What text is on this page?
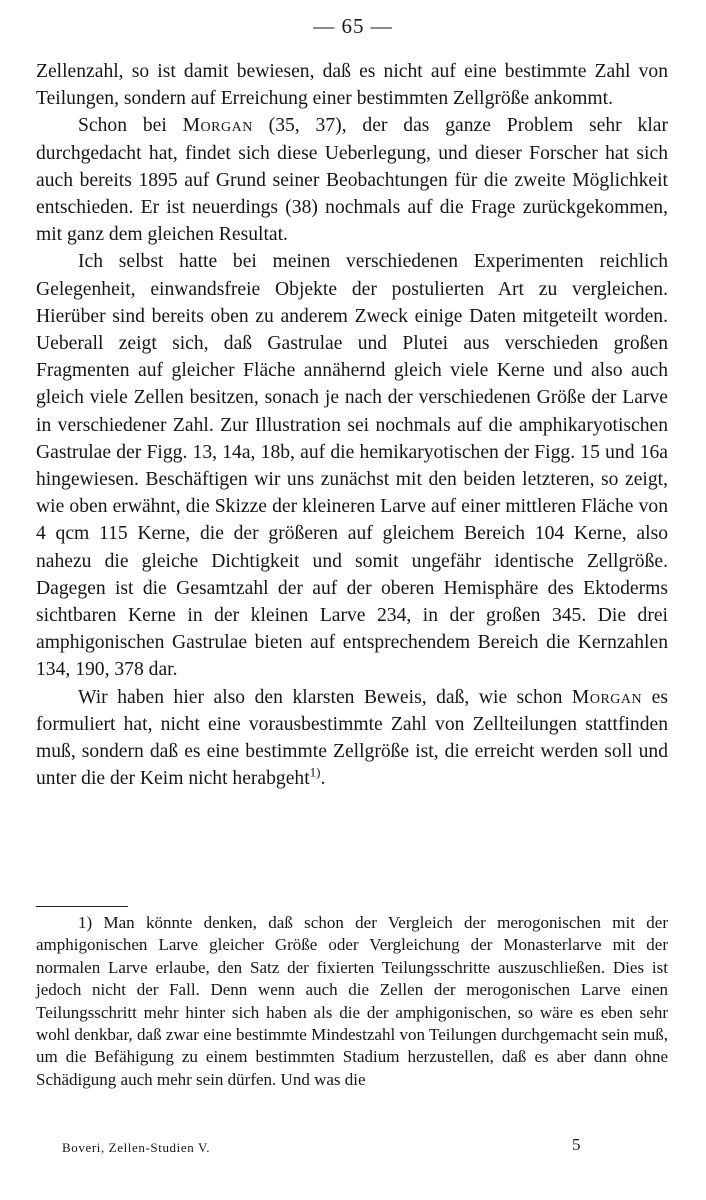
— 65 —

Zellenzahl, so ist damit bewiesen, daß es nicht auf eine bestimmte Zahl von Teilungen, sondern auf Erreichung einer bestimmten Zellgröße ankommt.

Schon bei Morgan (35, 37), der das ganze Problem sehr klar durchgedacht hat, findet sich diese Ueberlegung, und dieser Forscher hat sich auch bereits 1895 auf Grund seiner Beobachtungen für die zweite Möglichkeit entschieden. Er ist neuerdings (38) nochmals auf die Frage zurückgekommen, mit ganz dem gleichen Resultat.

Ich selbst hatte bei meinen verschiedenen Experimenten reichlich Gelegenheit, einwandsfreie Objekte der postulierten Art zu vergleichen. Hierüber sind bereits oben zu anderem Zweck einige Daten mitgeteilt worden. Ueberall zeigt sich, daß Gastrulae und Plutei aus verschieden großen Fragmenten auf gleicher Fläche annähernd gleich viele Kerne und also auch gleich viele Zellen besitzen, sonach je nach der verschiedenen Größe der Larve in verschiedener Zahl. Zur Illustration sei nochmals auf die amphikaryotischen Gastrulae der Figg. 13, 14a, 18b, auf die hemikaryotischen der Figg. 15 und 16a hingewiesen. Beschäftigen wir uns zunächst mit den beiden letzteren, so zeigt, wie oben erwähnt, die Skizze der kleineren Larve auf einer mittleren Fläche von 4 qcm 115 Kerne, die der größeren auf gleichem Bereich 104 Kerne, also nahezu die gleiche Dichtigkeit und somit ungefähr identische Zellgröße. Dagegen ist die Gesamtzahl der auf der oberen Hemisphäre des Ektoderms sichtbaren Kerne in der kleinen Larve 234, in der großen 345. Die drei amphigonischen Gastrulae bieten auf entsprechendem Bereich die Kernzahlen 134, 190, 378 dar.

Wir haben hier also den klarsten Beweis, daß, wie schon Morgan es formuliert hat, nicht eine vorausbestimmte Zahl von Zellteilungen stattfinden muß, sondern daß es eine bestimmte Zellgröße ist, die erreicht werden soll und unter die der Keim nicht herabgeht$^{1)}$.

1) Man könnte denken, daß schon der Vergleich der merogonischen mit der amphigonischen Larve gleicher Größe oder Vergleichung der Monasterlarve mit der normalen Larve erlaube, den Satz der fixierten Teilungsschritte auszuschließen. Dies ist jedoch nicht der Fall. Denn wenn auch die Zellen der merogonischen Larve einen Teilungsschritt mehr hinter sich haben als die der amphigonischen, so wäre es eben sehr wohl denkbar, daß zwar eine bestimmte Mindestzahl von Teilungen durchgemacht sein muß, um die Befähigung zu einem bestimmten Stadium herzustellen, daß es aber dann ohne Schädigung auch mehr sein dürfen. Und was die

Boveri, Zellen-Studien V.	5
